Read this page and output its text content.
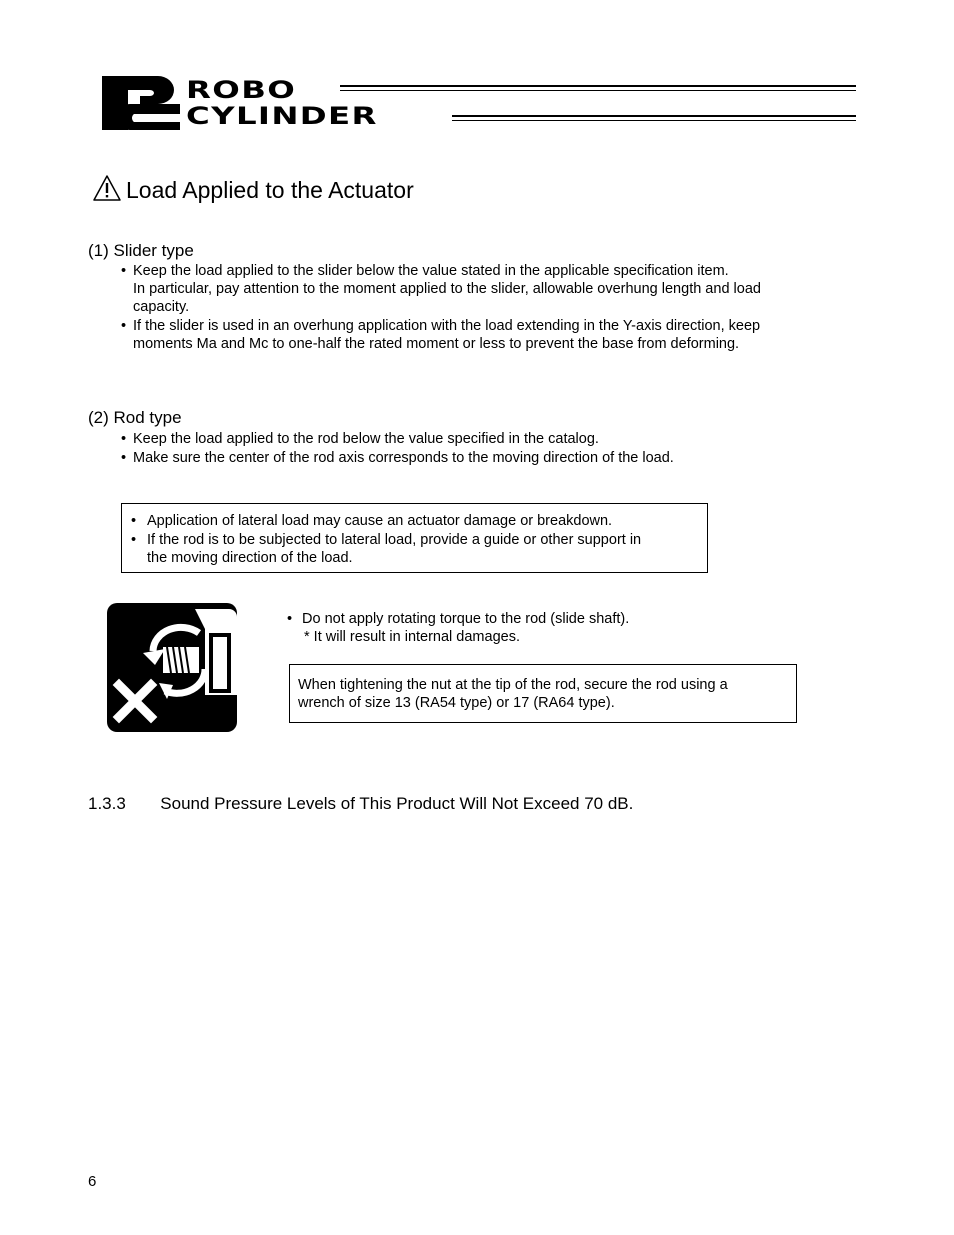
ROBO
CYLINDER
Load Applied to the Actuator
(1) Slider type
• Keep the load applied to the slider below the value stated in the applicable specification item.
In particular, pay attention to the moment applied to the slider, allowable overhung length and load
capacity.
• If the slider is used in an overhung application with the load extending in the Y-axis direction, keep
moments Ma and Mc to one-half the rated moment or less to prevent the base from deforming.
(2) Rod type
• Keep the load applied to the rod below the value specified in the catalog.
• Make sure the center of the rod axis corresponds to the moving direction of the load.
• Application of lateral load may cause an actuator damage or breakdown.
• If the rod is to be subjected to lateral load, provide a guide or other support in
the moving direction of the load.
• Do not apply rotating torque to the rod (slide shaft).
* It will result in internal damages.
When tightening the nut at the tip of the rod, secure the rod using a
wrench of size 13 (RA54 type) or 17 (RA64 type).
1.3.3 Sound Pressure Levels of This Product Will Not Exceed 70 dB.
6
